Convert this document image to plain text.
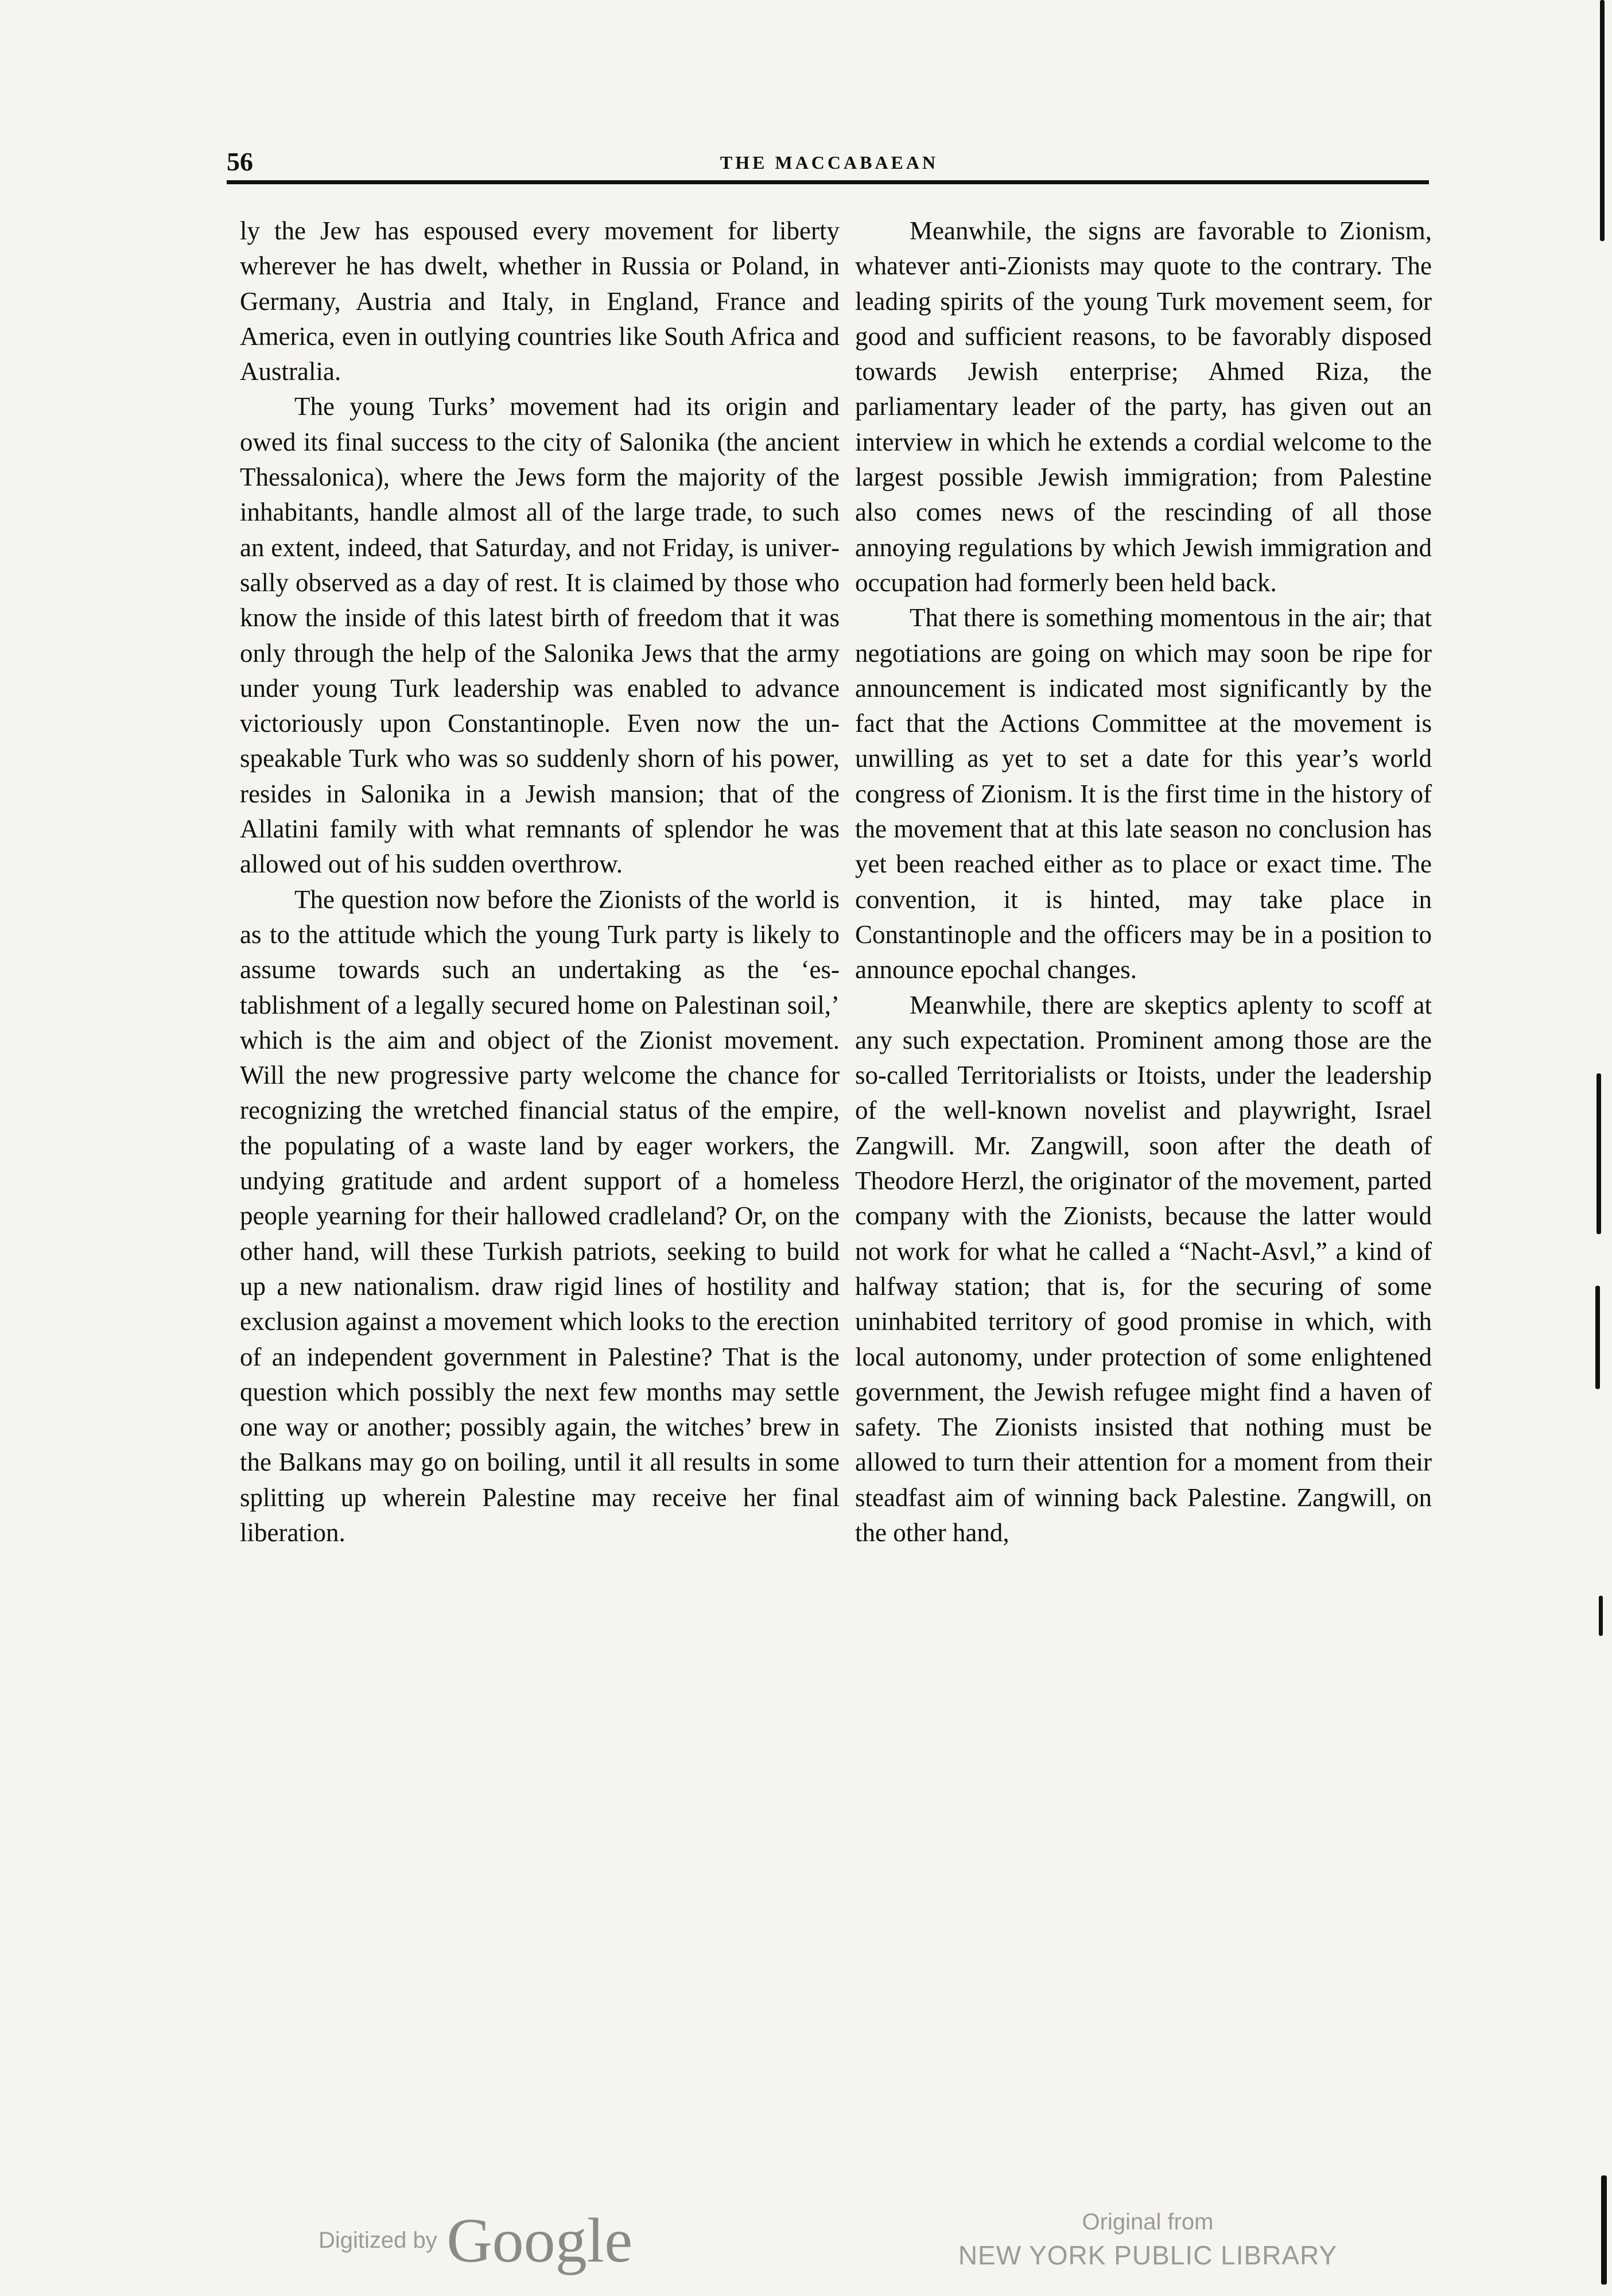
56	THE MACCABAEAN

ly the Jew has espoused every movement for liberty wherever he has dwelt, whether in Russia or Poland, in Germany, Austria and Italy, in England, France and America, even in outlying countries like South Africa and Australia.

The young Turks’ movement had its origin and owed its final success to the city of Salonika (the ancient Thessalonica), where the Jews form the majority of the inhabitants, handle almost all of the large trade, to such an extent, indeed, that Saturday, and not Friday, is universally observed as a day of rest. It is claimed by those who know the inside of this latest birth of freedom that it was only through the help of the Salonika Jews that the army under young Turk leadership was enabled to advance victoriously upon Constantinople. Even now the unspeakable Turk who was so suddenly shorn of his power, resides in Salonika in a Jewish mansion; that of the Allatini family with what remnants of splendor he was allowed out of his sudden overthrow.

The question now before the Zionists of the world is as to the attitude which the young Turk party is likely to assume towards such an undertaking as the ‘establishment of a legally secured home on Palestinan soil,’ which is the aim and object of the Zionist movement. Will the new progressive party welcome the chance for recognizing the wretched financial status of the empire, the populating of a waste land by eager workers, the undying gratitude and ardent support of a homeless people yearning for their hallowed cradleland? Or, on the other hand, will these Turkish patriots, seeking to build up a new nationalism. draw rigid lines of hostility and exclusion against a movement which looks to the erection of an independent government in Palestine? That is the question which possibly the next few months may settle one way or another; possibly again, the witches’ brew in the Balkans may go on boiling, until it all results in some splitting up wherein Palestine may receive her final liberation.

Meanwhile, the signs are favorable to Zionism, whatever anti-Zionists may quote to the contrary. The leading spirits of the young Turk movement seem, for good and sufficient reasons, to be favorably disposed towards Jewish enterprise; Ahmed Riza, the parliamentary leader of the party, has given out an interview in which he extends a cordial welcome to the largest possible Jewish immigration; from Palestine also comes news of the rescinding of all those annoying regulations by which Jewish immigration and occupation had formerly been held back.

That there is something momentous in the air; that negotiations are going on which may soon be ripe for announcement is indicated most significantly by the fact that the Actions Committee at the movement is unwilling as yet to set a date for this year’s world congress of Zionism. It is the first time in the history of the movement that at this late season no conclusion has yet been reached either as to place or exact time. The convention, it is hinted, may take place in Constantinople and the officers may be in a position to announce epochal changes.

Meanwhile, there are skeptics aplenty to scoff at any such expectation. Prominent among those are the so-called Territorialists or Itoists, under the leadership of the well-known novelist and playwright, Israel Zangwill. Mr. Zangwill, soon after the death of Theodore Herzl, the originator of the movement, parted company with the Zionists, because the latter would not work for what he called a “Nacht-Asvl,” a kind of halfway station; that is, for the securing of some uninhabited territory of good promise in which, with local autonomy, under protection of some enlightened government, the Jewish refugee might find a haven of safety. The Zionists insisted that nothing must be allowed to turn their attention for a moment from their steadfast aim of winning back Palestine. Zangwill, on the other hand,

Digitized by Google	Original from
NEW YORK PUBLIC LIBRARY
